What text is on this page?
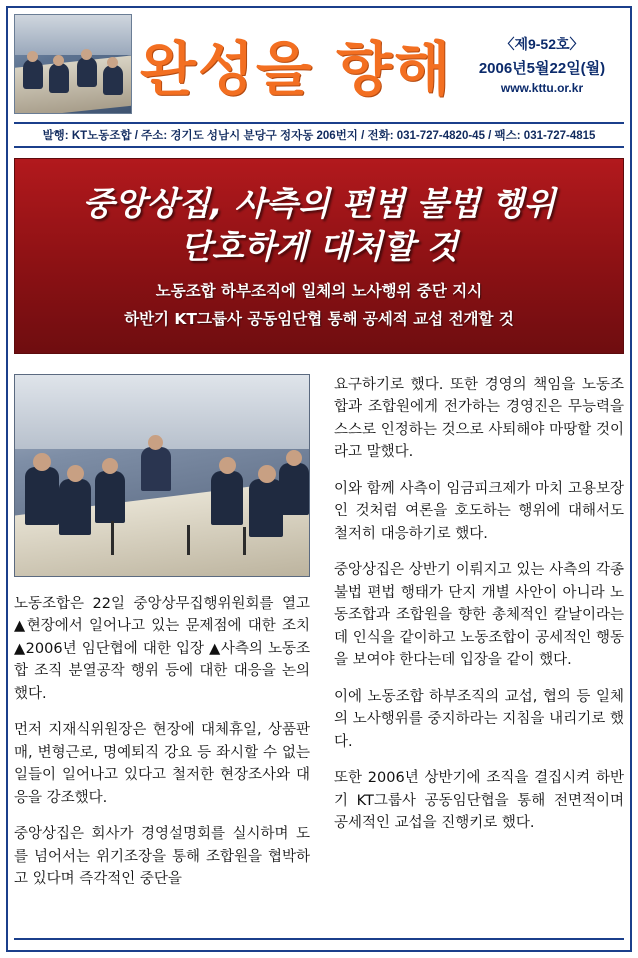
완성을 향해	〈제9-52호〉
2006년5월22일(월)
www.kttu.or.kr
발행: KT노동조합 / 주소: 경기도 성남시 분당구 정자동 206번지 / 전화: 031-727-4820-45 / 팩스: 031-727-4815
중앙상집, 사측의 편법 불법 행위
단호하게 대처할 것
노동조합 하부조직에 일체의 노사행위 중단 지시
하반기 KT그룹사 공동임단협 통해 공세적 교섭 전개할 것

노동조합은 22일 중앙상무집행위원회를 열고 ▲현장에서 일어나고 있는 문제점에 대한 조치 ▲2006년 임단협에 대한 입장 ▲사측의 노동조합 조직 분열공작 행위 등에 대한 대응을 논의했다.

먼저 지재식위원장은 현장에 대체휴일, 상품판매, 변형근로, 명예퇴직 강요 등 좌시할 수 없는 일들이 일어나고 있다고 철저한 현장조사와 대응을 강조했다.

중앙상집은 회사가 경영설명회를 실시하며 도를 넘어서는 위기조장을 통해 조합원을 협박하고 있다며 즉각적인 중단을

요구하기로 했다. 또한 경영의 책임을 노동조합과 조합원에게 전가하는 경영진은 무능력을 스스로 인정하는 것으로 사퇴해야 마땅할 것이라고 말했다.

이와 함께 사측이 임금피크제가 마치 고용보장인 것처럼 여론을 호도하는 행위에 대해서도 철저히 대응하기로 했다.

중앙상집은 상반기 이뤄지고 있는 사측의 각종 불법 편법 행태가 단지 개별 사안이 아니라 노동조합과 조합원을 향한 총체적인 칼날이라는데 인식을 같이하고 노동조합이 공세적인 행동을 보여야 한다는데 입장을 같이 했다.

이에 노동조합 하부조직의 교섭, 협의 등 일체의 노사행위를 중지하라는 지침을 내리기로 했다.

또한 2006년 상반기에 조직을 결집시켜 하반기 KT그룹사 공동임단협을 통해 전면적이며 공세적인 교섭을 진행키로 했다.
